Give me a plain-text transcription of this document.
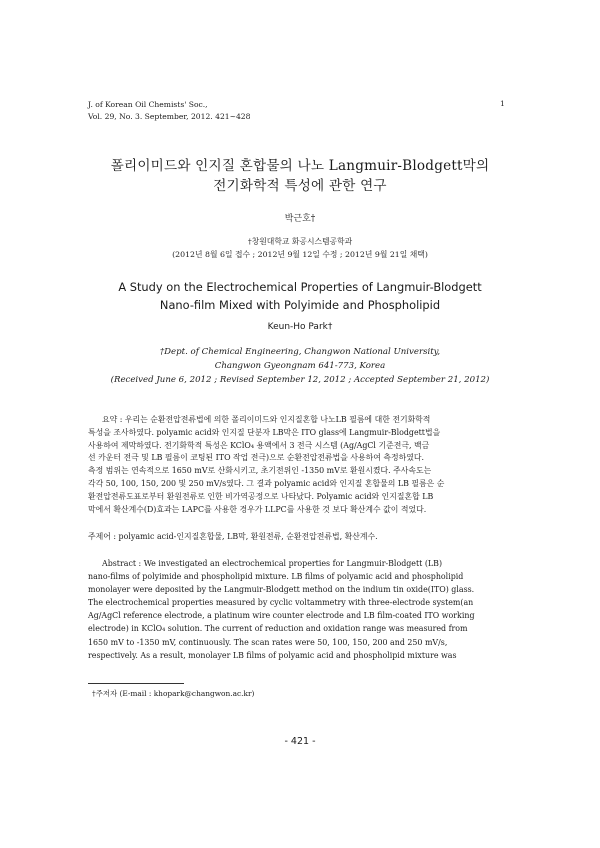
J. of Korean Oil Chemists' Soc.,
Vol. 29, No. 3. September, 2012. 421~428
1
폴리이미드와 인지질 혼합물의 나노 Langmuir-Blodgett막의
전기화학적 특성에 관한 연구
박근호†
†창원대학교 화공시스템공학과
(2012년 8월 6일 접수 ; 2012년 9월 12일 수정 ; 2012년 9월 21일 채택)
A Study on the Electrochemical Properties of Langmuir-Blodgett
Nano-film Mixed with Polyimide and Phospholipid
Keun-Ho Park†
†Dept. of Chemical Engineering, Changwon National University,
Changwon Gyeongnam 641-773, Korea
(Received June 6, 2012 ; Revised September 12, 2012 ; Accepted September 21, 2012)
요약 : 우리는 순환전압전류법에 의한 폴리이미드와 인지질혼합 나노LB 필름에 대한 전기화학적
특성을 조사하였다. polyamic acid와 인지질 단분자 LB막은 ITO glass에 Langmuir-Blodgett법을
사용하여 제막하였다. 전기화학적 특성은 KClO₄ 용액에서 3 전극 시스템 (Ag/AgCl 기준전극, 백금
선 카운터 전극 및 LB 필름이 코팅된 ITO 작업 전극)으로 순환전압전류법을 사용하여 측정하였다.
측정 범위는 연속적으로 1650 mV로 산화시키고, 초기전위인 -1350 mV로 환원시켰다. 주사속도는
각각 50, 100, 150, 200 및 250 mV/s였다. 그 결과 polyamic acid와 인지질 혼합물의 LB 필름은 순
환전압전류도표로부터 환원전류로 인한 비가역공정으로 나타났다. Polyamic acid와 인지질혼합 LB
막에서 확산계수(D)효과는 LAPC를 사용한 경우가 LLPC를 사용한 것 보다 확산계수 값이 적었다.
주제어 : polyamic acid-인지질혼합물, LB막, 환원전류, 순환전압전류법, 확산계수.
Abstract : We investigated an electrochemical properties for Langmuir-Blodgett (LB)
nano-films of polyimide and phospholipid mixture. LB films of polyamic acid and phospholipid
monolayer were deposited by the Langmuir-Blodgett method on the indium tin oxide(ITO) glass.
The electrochemical properties measured by cyclic voltammetry with three-electrode system(an
Ag/AgCl reference electrode, a platinum wire counter electrode and LB film-coated ITO working
electrode) in KClO₄ solution. The current of reduction and oxidation range was measured from
1650 mV to -1350 mV, continuously. The scan rates were 50, 100, 150, 200 and 250 mV/s,
respectively. As a result, monolayer LB films of polyamic acid and phospholipid mixture was
†주저자 (E-mail : khopark@changwon.ac.kr)
- 421 -
